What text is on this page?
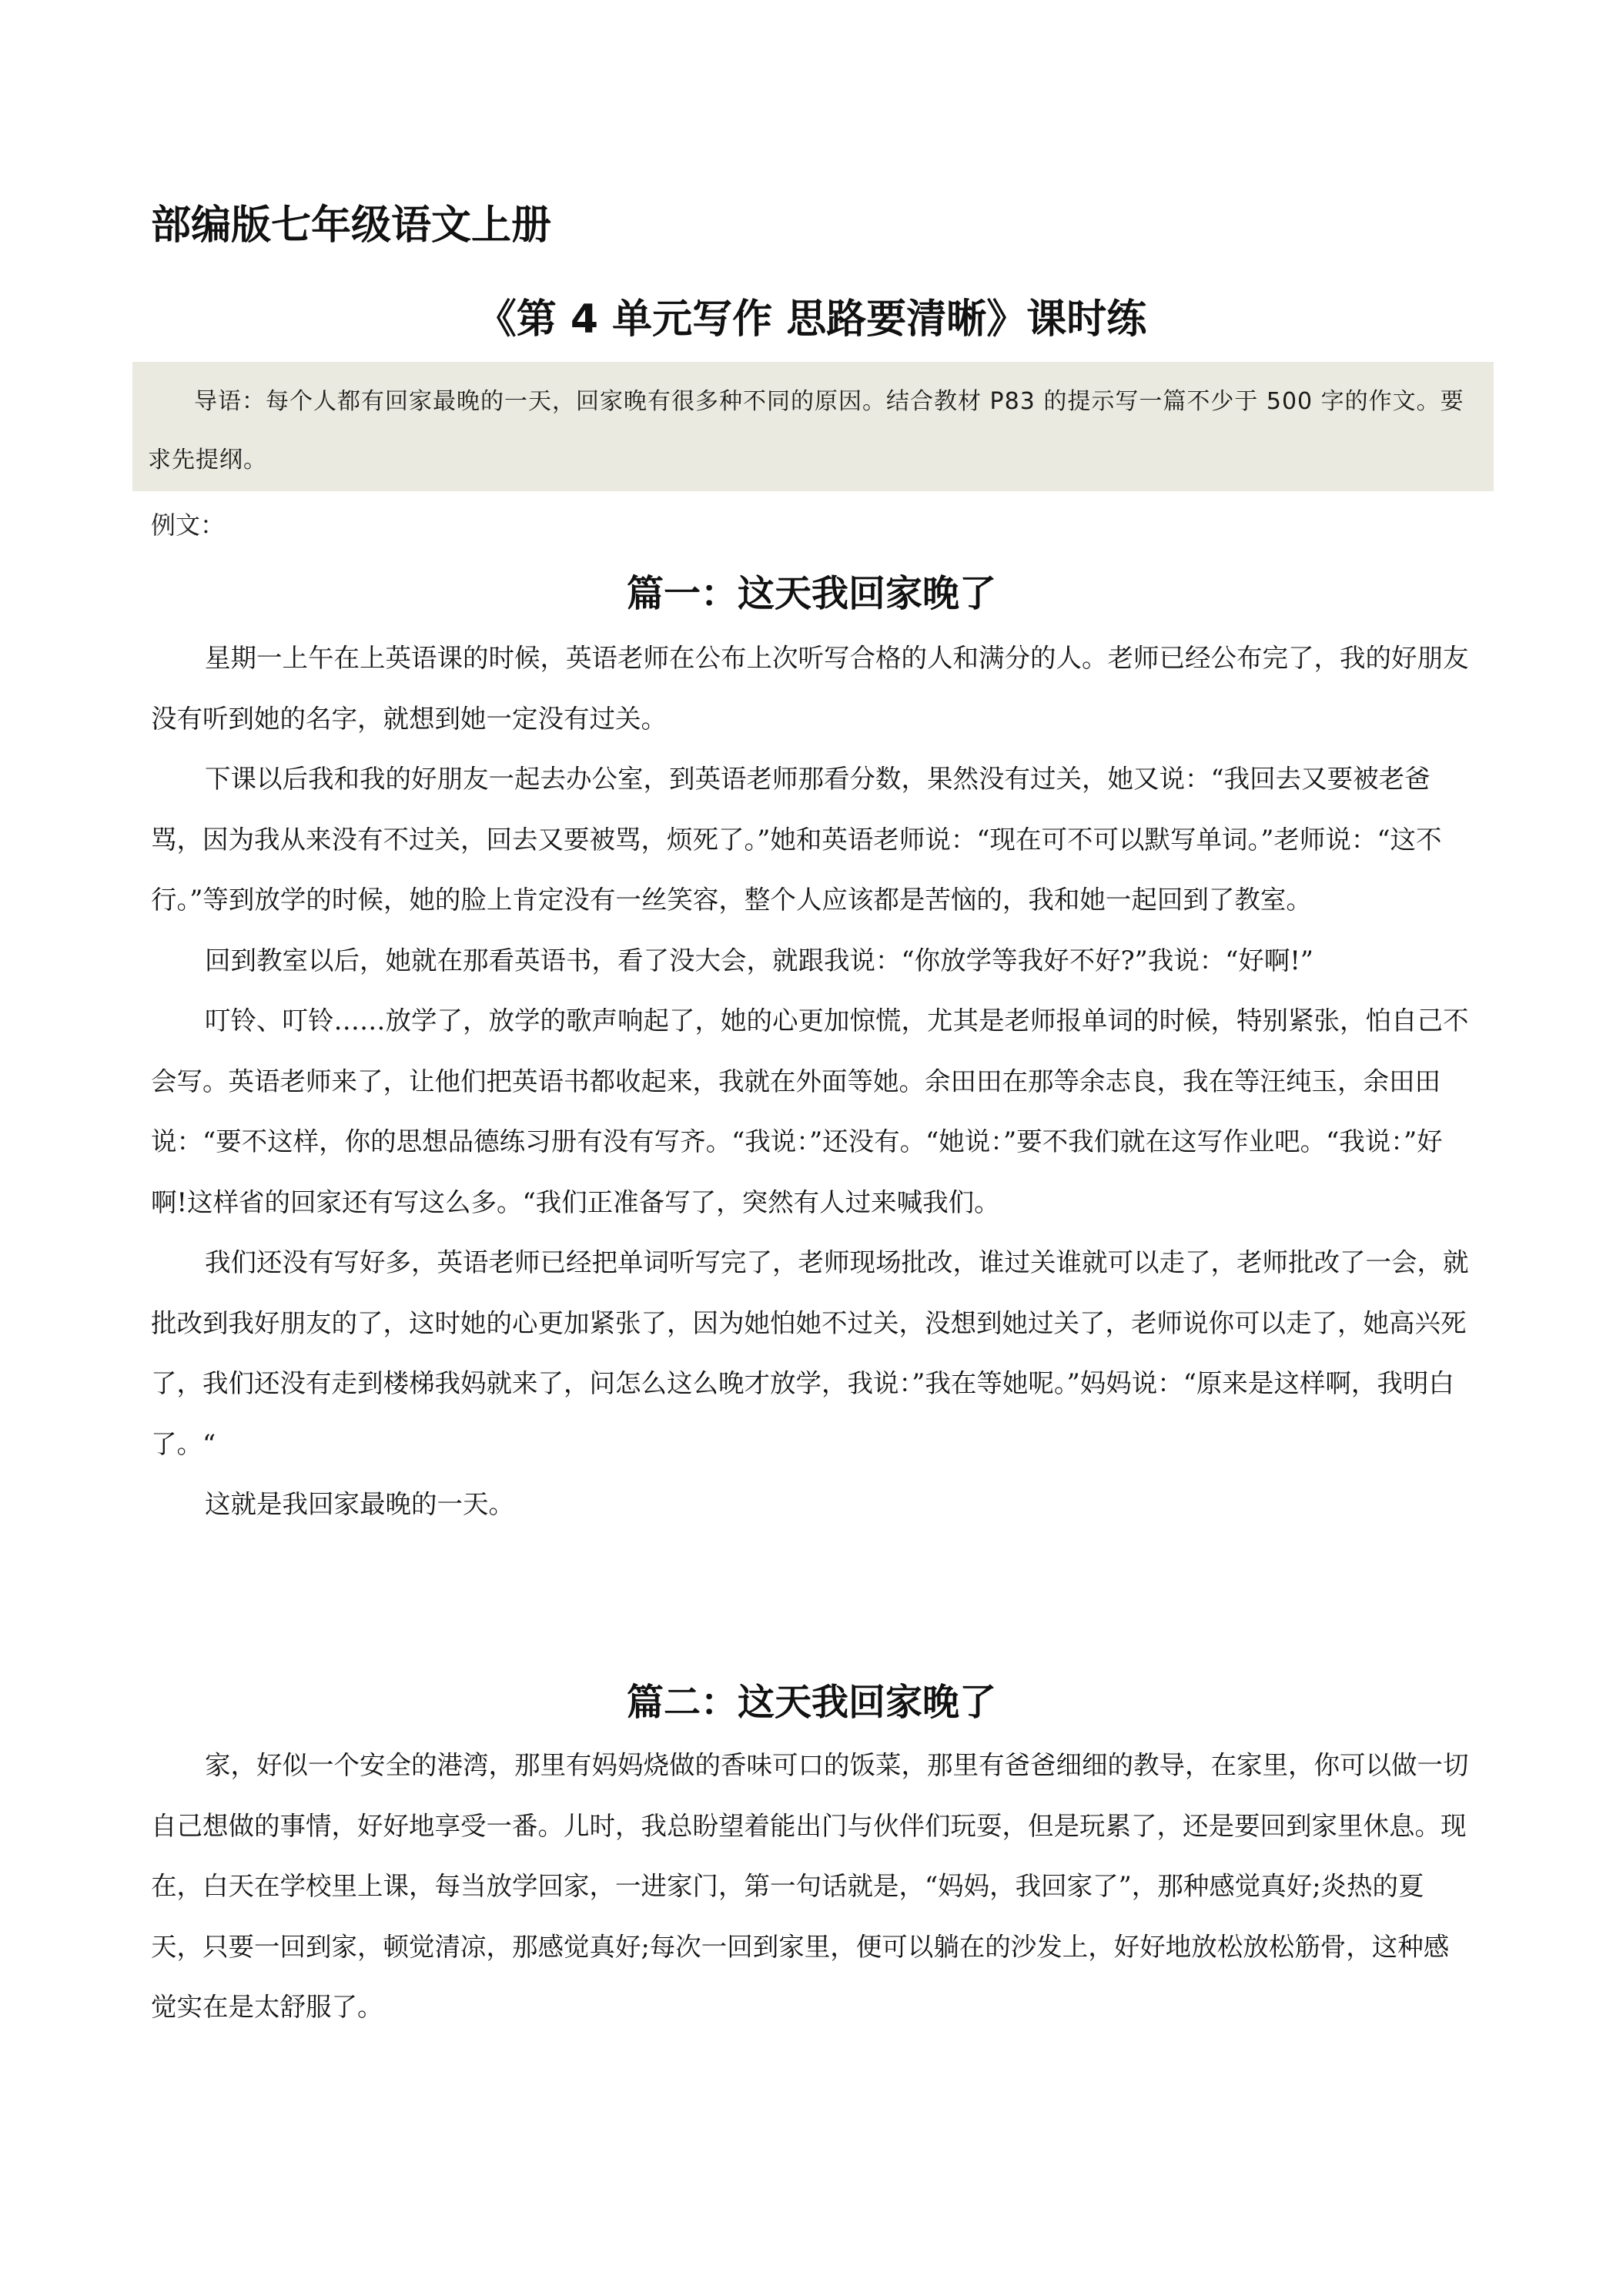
部编版七年级语文上册
《第 4 单元写作 思路要清晰》课时练

导语：每个人都有回家最晚的一天，回家晚有很多种不同的原因。结合教材 P83 的提示写一篇不少于 500 字的作文。要求先提纲。

例文：

篇一：这天我回家晚了

星期一上午在上英语课的时候，英语老师在公布上次听写合格的人和满分的人。老师已经公布完了，我的好朋友没有听到她的名字，就想到她一定没有过关。

下课以后我和我的好朋友一起去办公室，到英语老师那看分数，果然没有过关，她又说：“我回去又要被老爸骂，因为我从来没有不过关，回去又要被骂，烦死了。”她和英语老师说：“现在可不可以默写单词。”老师说：“这不行。”等到放学的时候，她的脸上肯定没有一丝笑容，整个人应该都是苦恼的，我和她一起回到了教室。

回到教室以后，她就在那看英语书，看了没大会，就跟我说：“你放学等我好不好?”我说：“好啊!”

叮铃、叮铃……放学了，放学的歌声响起了，她的心更加惊慌，尤其是老师报单词的时候，特别紧张，怕自己不会写。英语老师来了，让他们把英语书都收起来，我就在外面等她。余田田在那等余志良，我在等汪纯玉，余田田说：“要不这样，你的思想品德练习册有没有写齐。“我说：”还没有。“她说：”要不我们就在这写作业吧。“我说：”好啊!这样省的回家还有写这么多。“我们正准备写了，突然有人过来喊我们。

我们还没有写好多，英语老师已经把单词听写完了，老师现场批改，谁过关谁就可以走了，老师批改了一会，就批改到我好朋友的了，这时她的心更加紧张了，因为她怕她不过关，没想到她过关了，老师说你可以走了，她高兴死了，我们还没有走到楼梯我妈就来了，问怎么这么晚才放学，我说：”我在等她呢。”妈妈说：“原来是这样啊，我明白了。“

这就是我回家最晚的一天。

篇二：这天我回家晚了

家，好似一个安全的港湾，那里有妈妈烧做的香味可口的饭菜，那里有爸爸细细的教导，在家里，你可以做一切自己想做的事情，好好地享受一番。儿时，我总盼望着能出门与伙伴们玩耍，但是玩累了，还是要回到家里休息。现在，白天在学校里上课，每当放学回家，一进家门，第一句话就是，“妈妈，我回家了”，那种感觉真好;炎热的夏天，只要一回到家，顿觉清凉，那感觉真好;每次一回到家里，便可以躺在的沙发上，好好地放松放松筋骨，这种感觉实在是太舒服了。
